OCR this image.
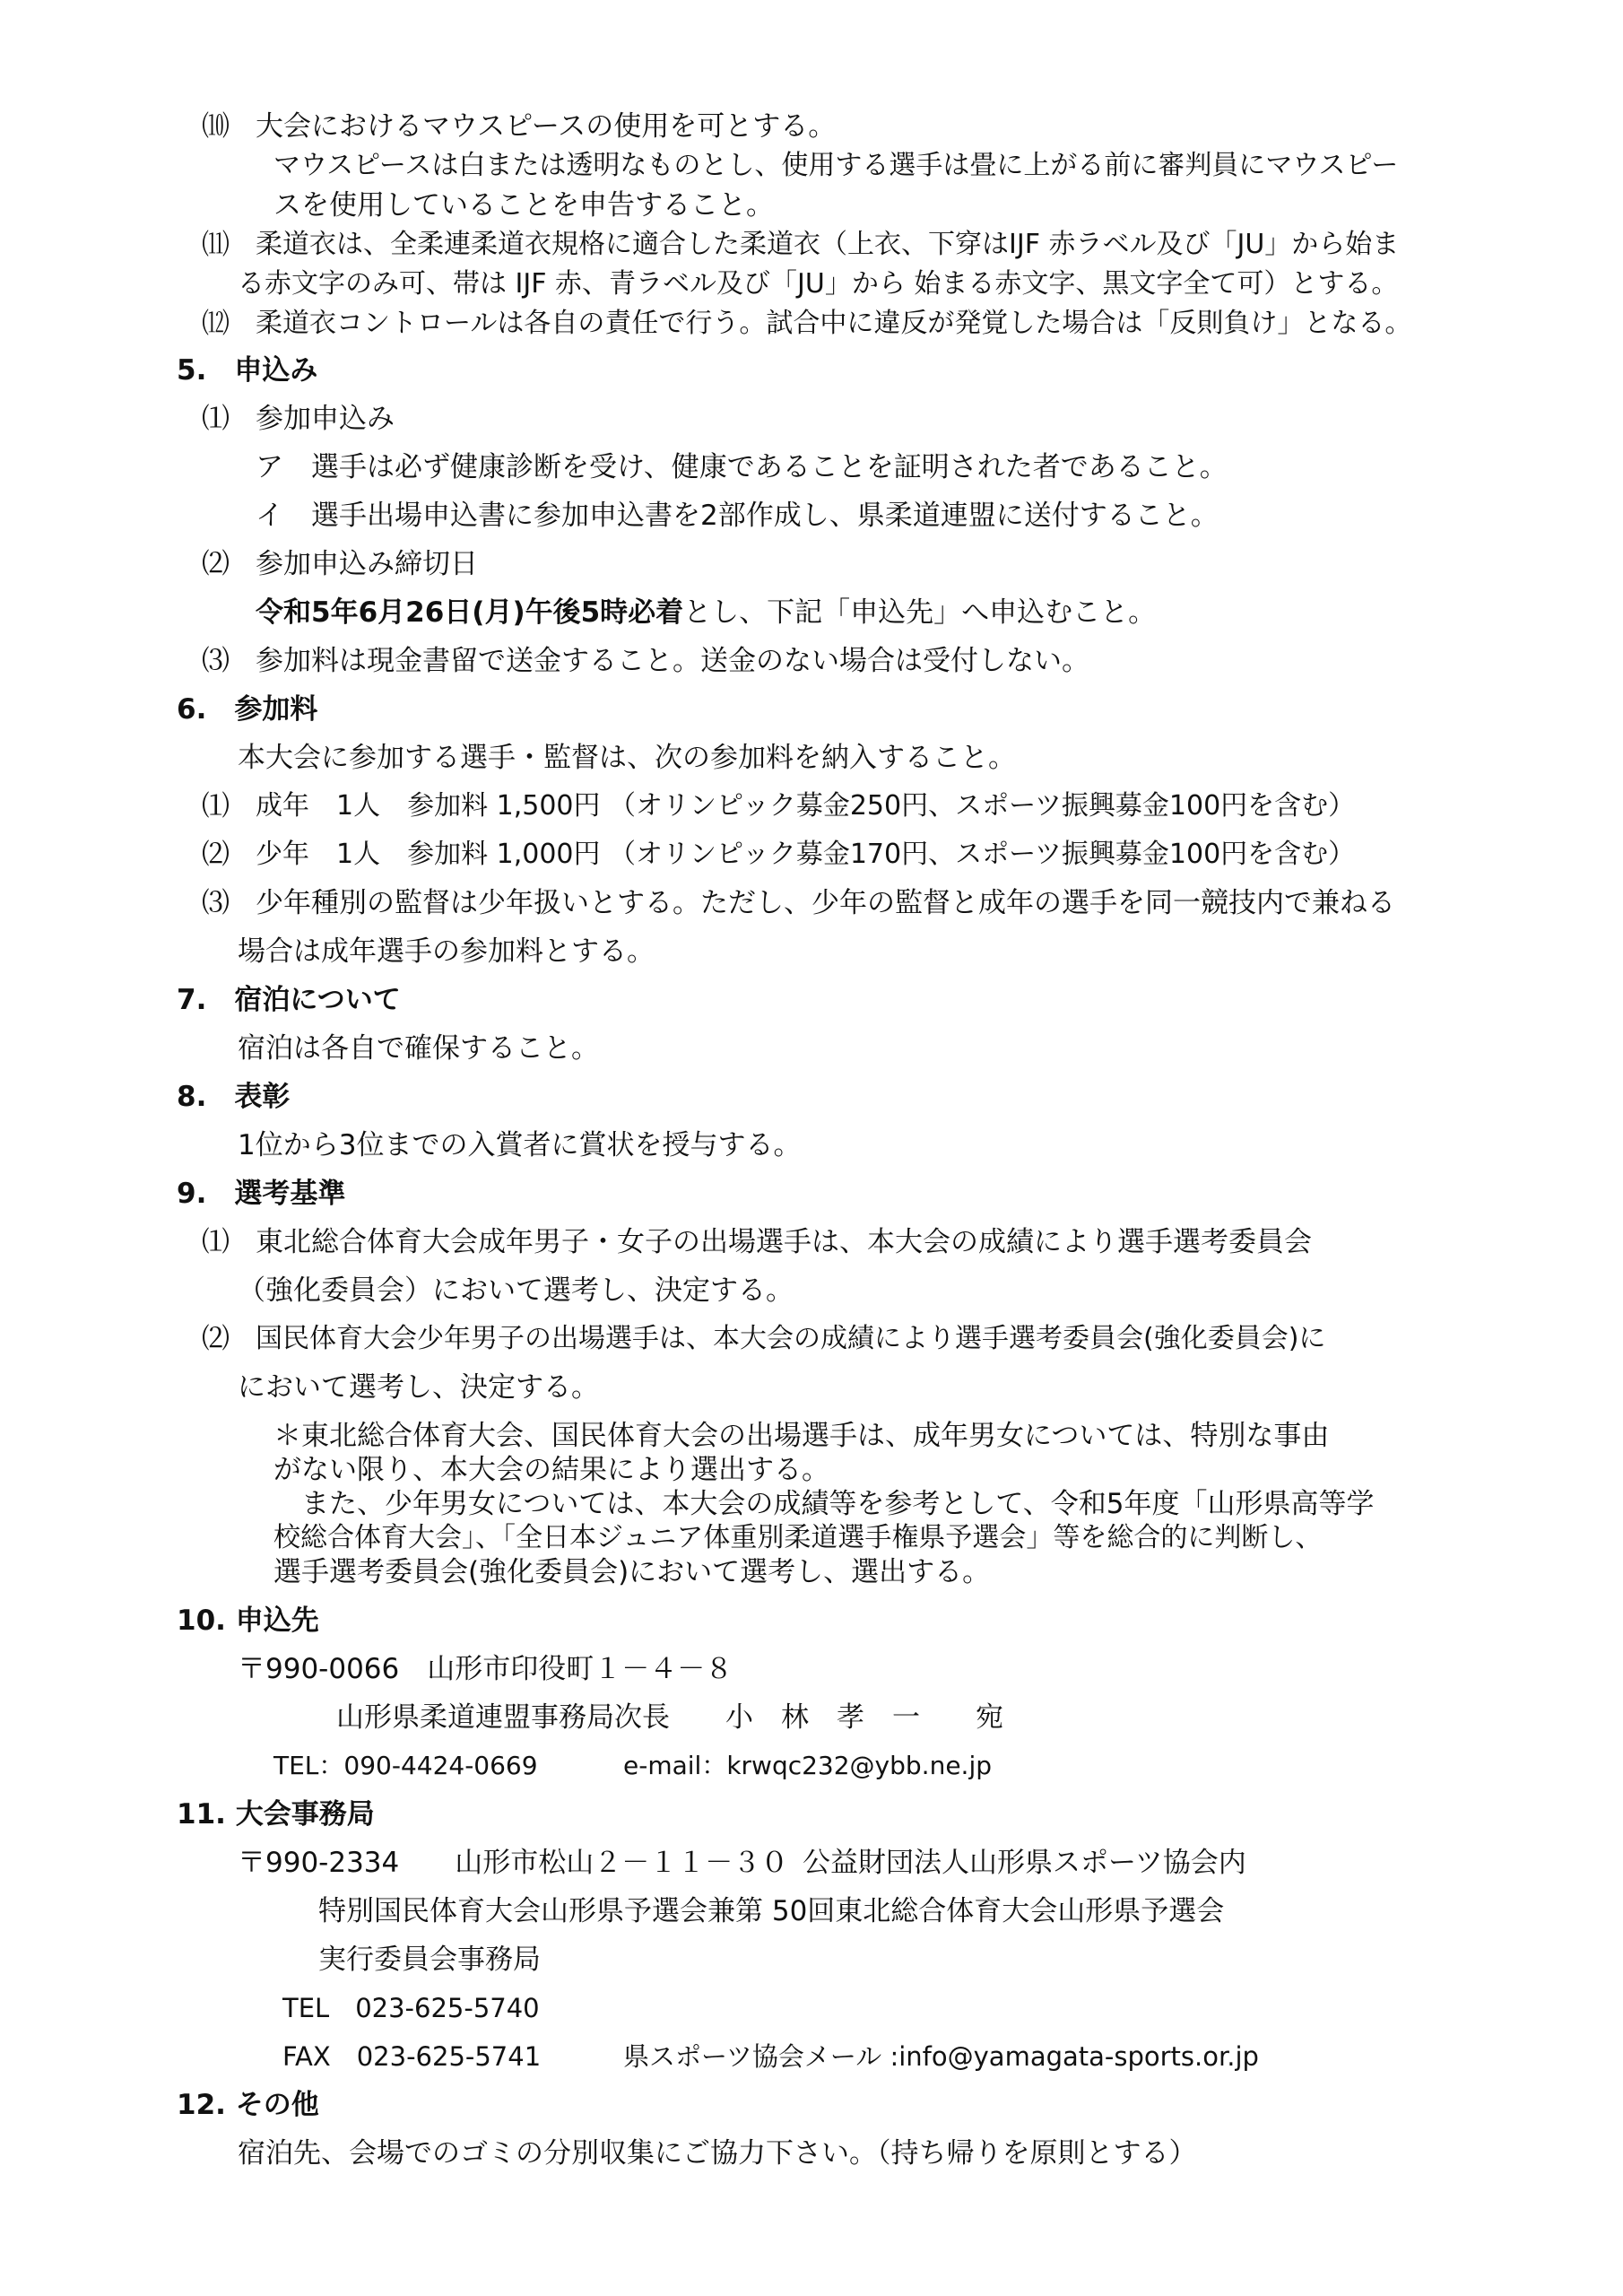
⑽ 大会におけるマウスピースの使用を可とする。
マウスピースは白または透明なものとし、使用する選手は畳に上がる前に審判員にマウスピー
スを使用していることを申告すること。
⑾ 柔道衣は、全柔連柔道衣規格に適合した柔道衣（上衣、下穿はIJF 赤ラベル及び「JU」から始ま
る赤文字のみ可、帯は IJF 赤、青ラベル及び「JU」から 始まる赤文字、黒文字全て可）とする。
⑿ 柔道衣コントロールは各自の責任で行う。試合中に違反が発覚した場合は「反則負け」となる。
5.　申込み
⑴ 参加申込み
ア　選手は必ず健康診断を受け、健康であることを証明された者であること。
イ　選手出場申込書に参加申込書を2部作成し、県柔道連盟に送付すること。
⑵ 参加申込み締切日
令和5年6月26日(月)午後5時必着とし、下記「申込先」へ申込むこと。
⑶ 参加料は現金書留で送金すること。送金のない場合は受付しない。
6.　参加料
本大会に参加する選手・監督は、次の参加料を納入すること。
⑴ 成年　1人　参加料 1,500円 （オリンピック募金250円、スポーツ振興募金100円を含む）
⑵ 少年　1人　参加料 1,000円 （オリンピック募金170円、スポーツ振興募金100円を含む）
⑶ 少年種別の監督は少年扱いとする。ただし、少年の監督と成年の選手を同一競技内で兼ねる
場合は成年選手の参加料とする。
7.　宿泊について
宿泊は各自で確保すること。
8.　表彰
1位から3位までの入賞者に賞状を授与する。
9.　選考基準
⑴ 東北総合体育大会成年男子・女子の出場選手は、本大会の成績により選手選考委員会
（強化委員会）において選考し、決定する。
⑵ 国民体育大会少年男子の出場選手は、本大会の成績により選手選考委員会(強化委員会)に
において選考し、決定する。
＊東北総合体育大会、国民体育大会の出場選手は、成年男女については、特別な事由
がない限り、本大会の結果により選出する。
　また、少年男女については、本大会の成績等を参考として、令和5年度「山形県高等学
校総合体育大会」、「全日本ジュニア体重別柔道選手権県予選会」等を総合的に判断し、
選手選考委員会(強化委員会)において選考し、選出する。
10. 申込先
〒990-0066　山形市印役町１－４－８
山形県柔道連盟事務局次長　　小　林　孝　一　　宛
TEL：090-4424-0669	e-mail：krwqc232@ybb.ne.jp
11. 大会事務局
〒990-2334　　山形市松山２－１１－３０ 公益財団法人山形県スポーツ協会内
特別国民体育大会山形県予選会兼第 50回東北総合体育大会山形県予選会
実行委員会事務局
TEL　023-625-5740
FAX　023-625-5741	県スポーツ協会メール :info@yamagata-sports.or.jp
12. その他
宿泊先、会場でのゴミの分別収集にご協力下さい。（持ち帰りを原則とする）
